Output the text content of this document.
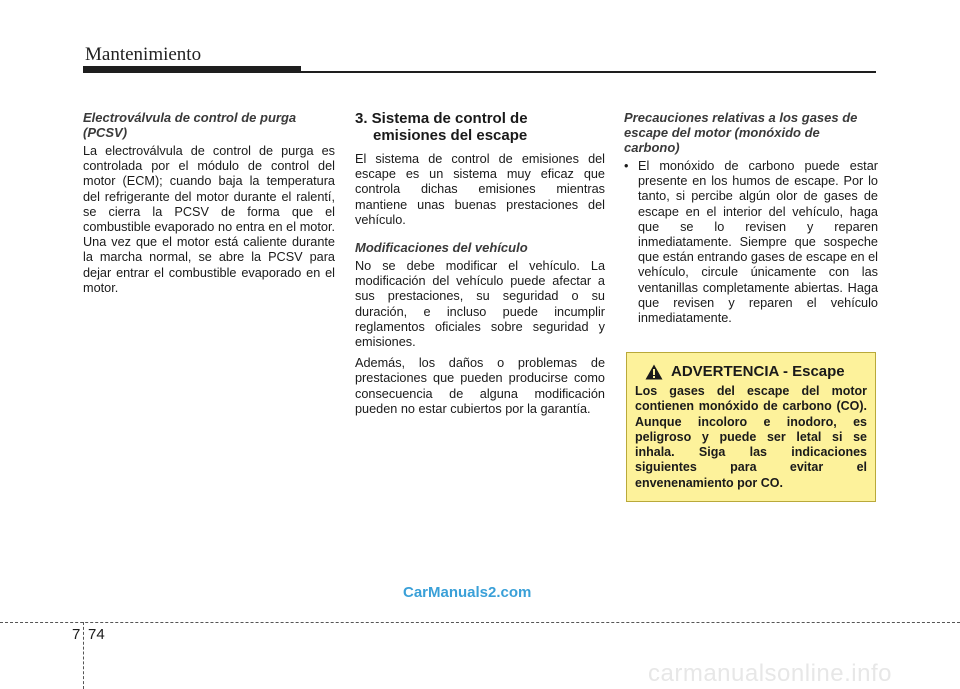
Mantenimiento
Electroválvula de control de purga (PCSV)
La electroválvula de control de purga es controlada por el módulo de control del motor (ECM); cuando baja la temperatura del refrigerante del motor durante el ralentí, se cierra la PCSV de forma que el combustible evaporado no entra en el motor. Una vez que el motor está caliente durante la marcha normal, se abre la PCSV para dejar entrar el combustible evaporado en el motor.
3. Sistema de control de emisiones del escape
El sistema de control de emisiones del escape es un sistema muy eficaz que controla dichas emisiones mientras mantiene unas buenas prestaciones del vehículo.
Modificaciones del vehículo
No se debe modificar el vehículo. La modificación del vehículo puede afectar a sus prestaciones, su seguridad o su duración, e incluso puede incumplir reglamentos oficiales sobre seguridad y emisiones.
Además, los daños o problemas de prestaciones que pueden producirse como consecuencia de alguna modificación pueden no estar cubiertos por la garantía.
Precauciones relativas a los gases de escape del motor (monóxido de carbono)
• El monóxido de carbono puede estar presente en los humos de escape. Por lo tanto, si percibe algún olor de gases de escape en el interior del vehículo, haga que se lo revisen y reparen inmediatamente. Siempre que sospeche que están entrando gases de escape en el vehículo, circule únicamente con las ventanillas completamente abiertas. Haga que revisen y reparen el vehículo inmediatamente.
ADVERTENCIA - Escape
Los gases del escape del motor contienen monóxido de carbono (CO). Aunque incoloro e inodoro, es peligroso y puede ser letal si se inhala. Siga las indicaciones siguientes para evitar el envenenamiento por CO.
CarManuals2.com
7 74
carmanualsonline.info
